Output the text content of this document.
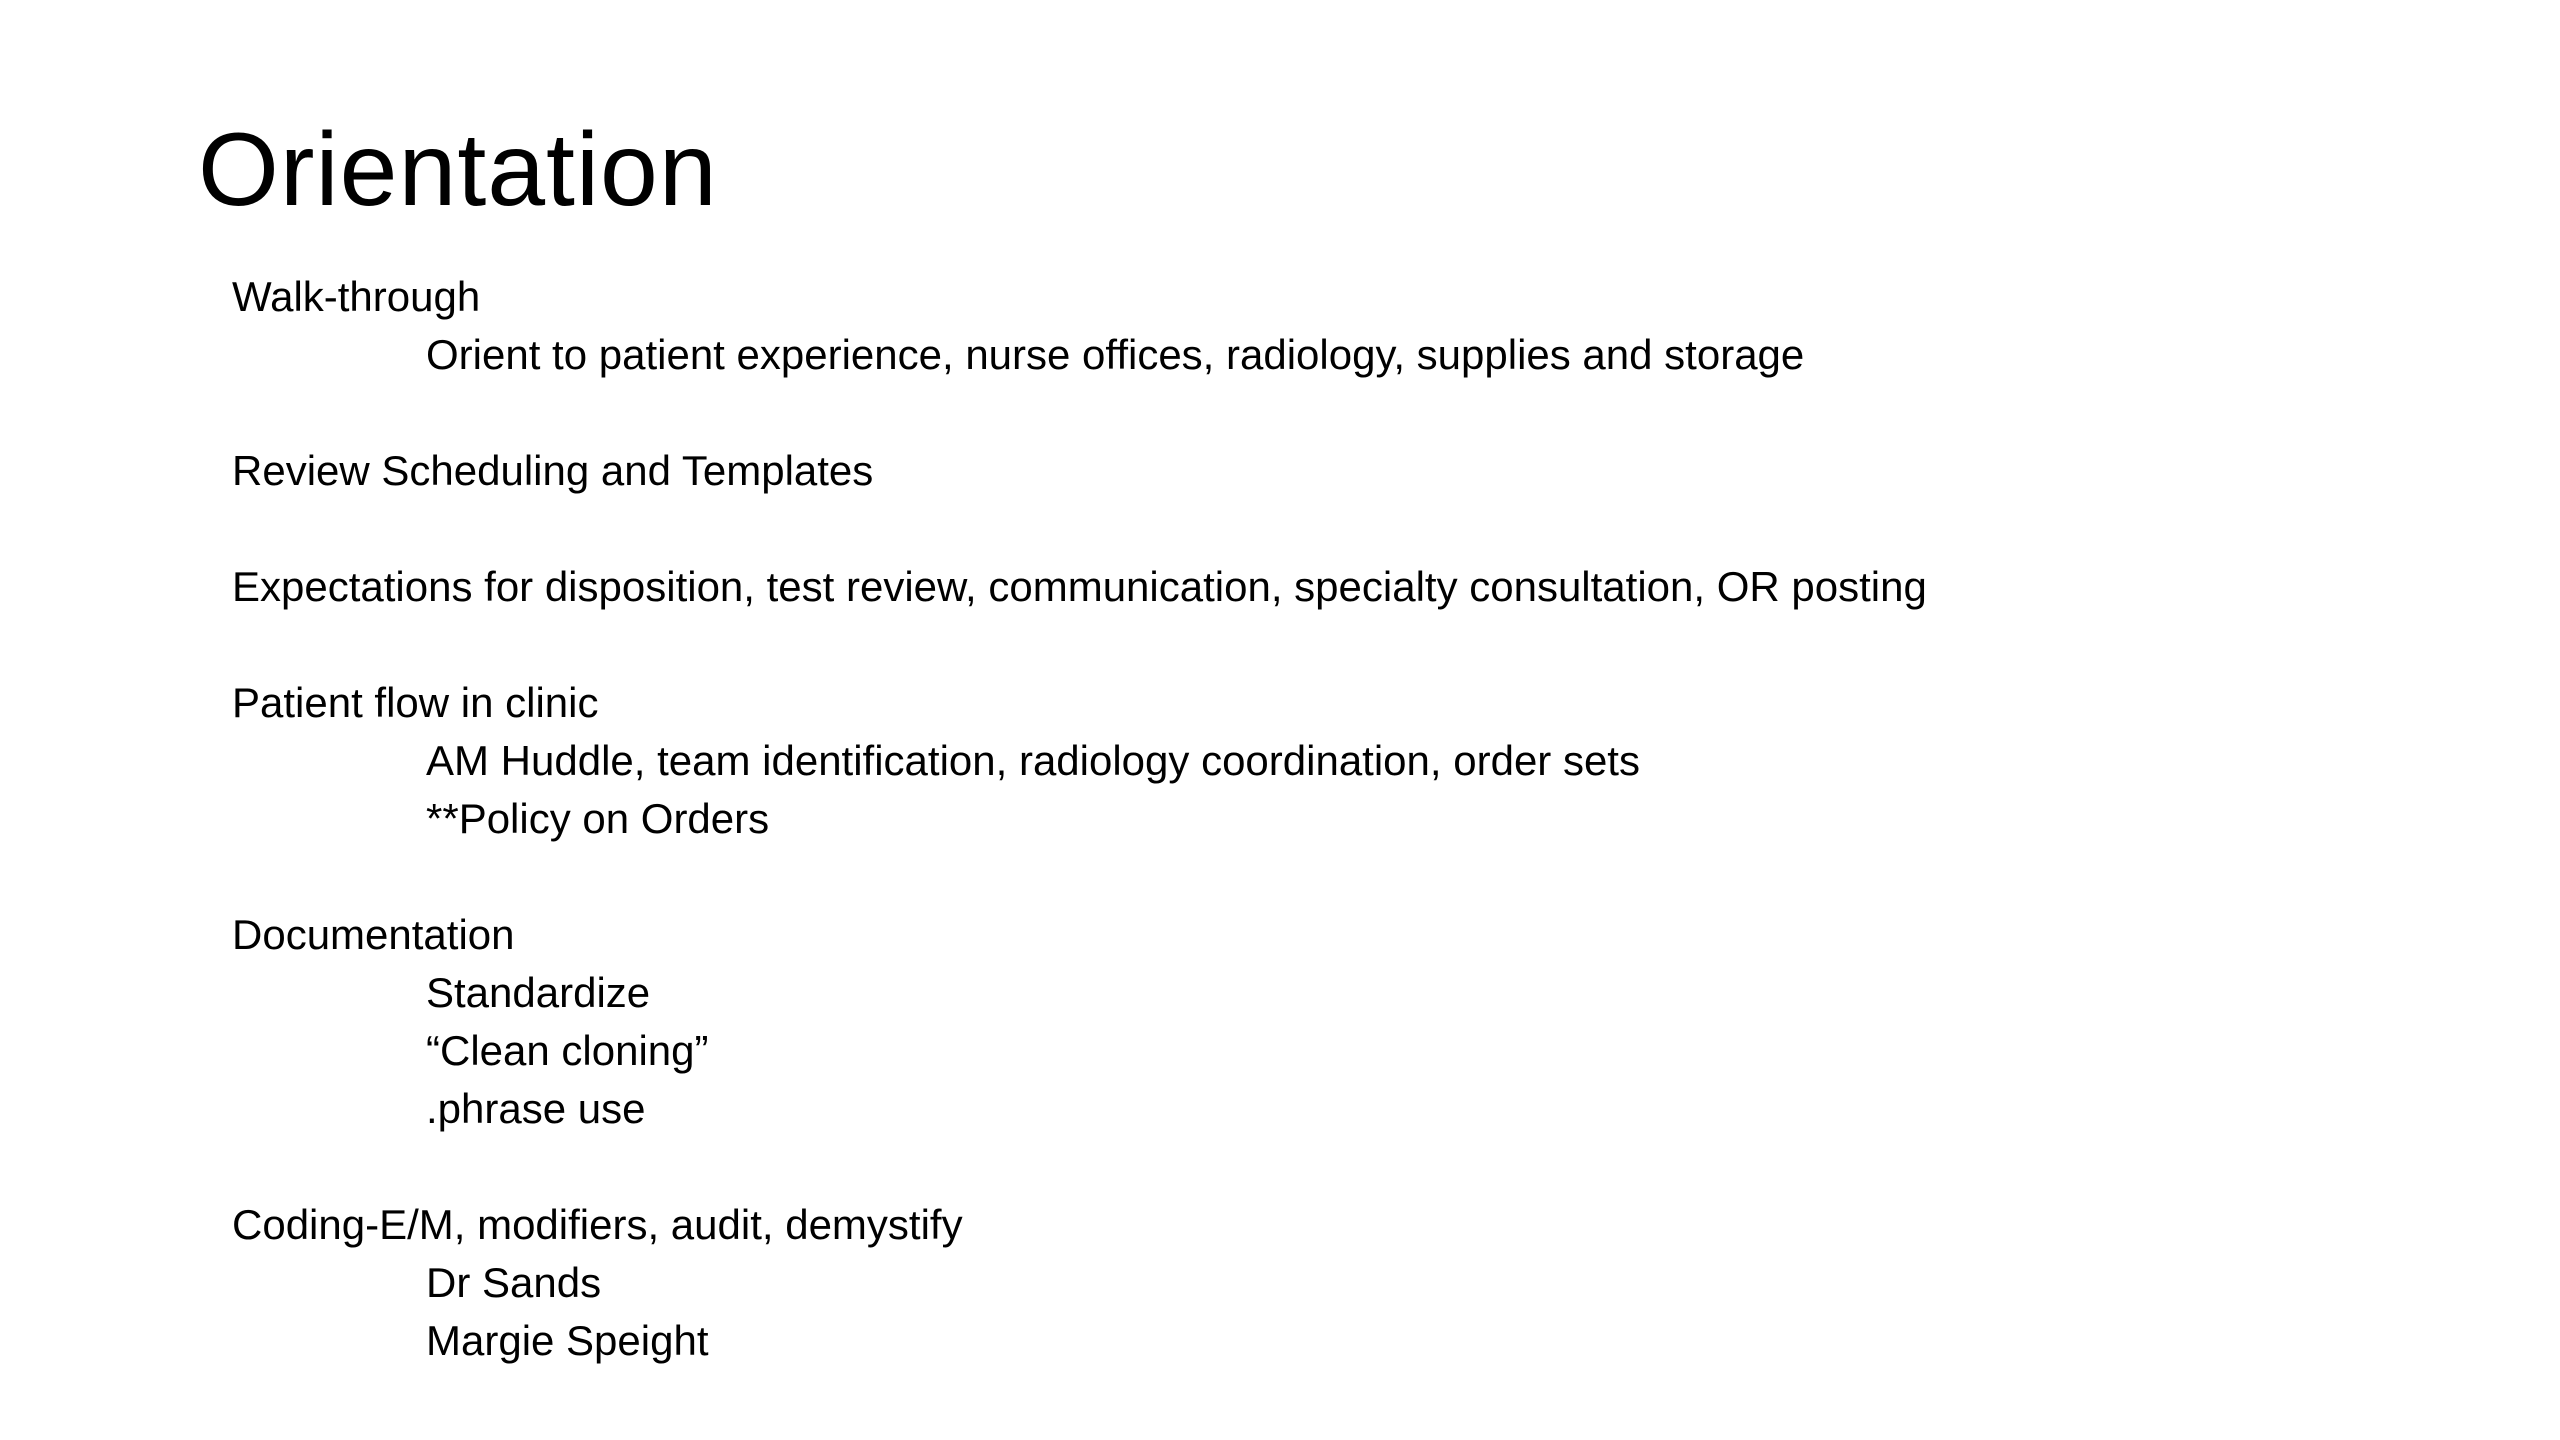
Orientation
Walk-through
Orient to patient experience, nurse offices, radiology, supplies and storage
Review Scheduling and Templates
Expectations for disposition, test review, communication, specialty consultation, OR posting
Patient flow in clinic
AM Huddle, team identification, radiology coordination, order sets
**Policy on Orders
Documentation
Standardize
“Clean cloning”
.phrase use
Coding-E/M, modifiers, audit, demystify
Dr Sands
Margie Speight
